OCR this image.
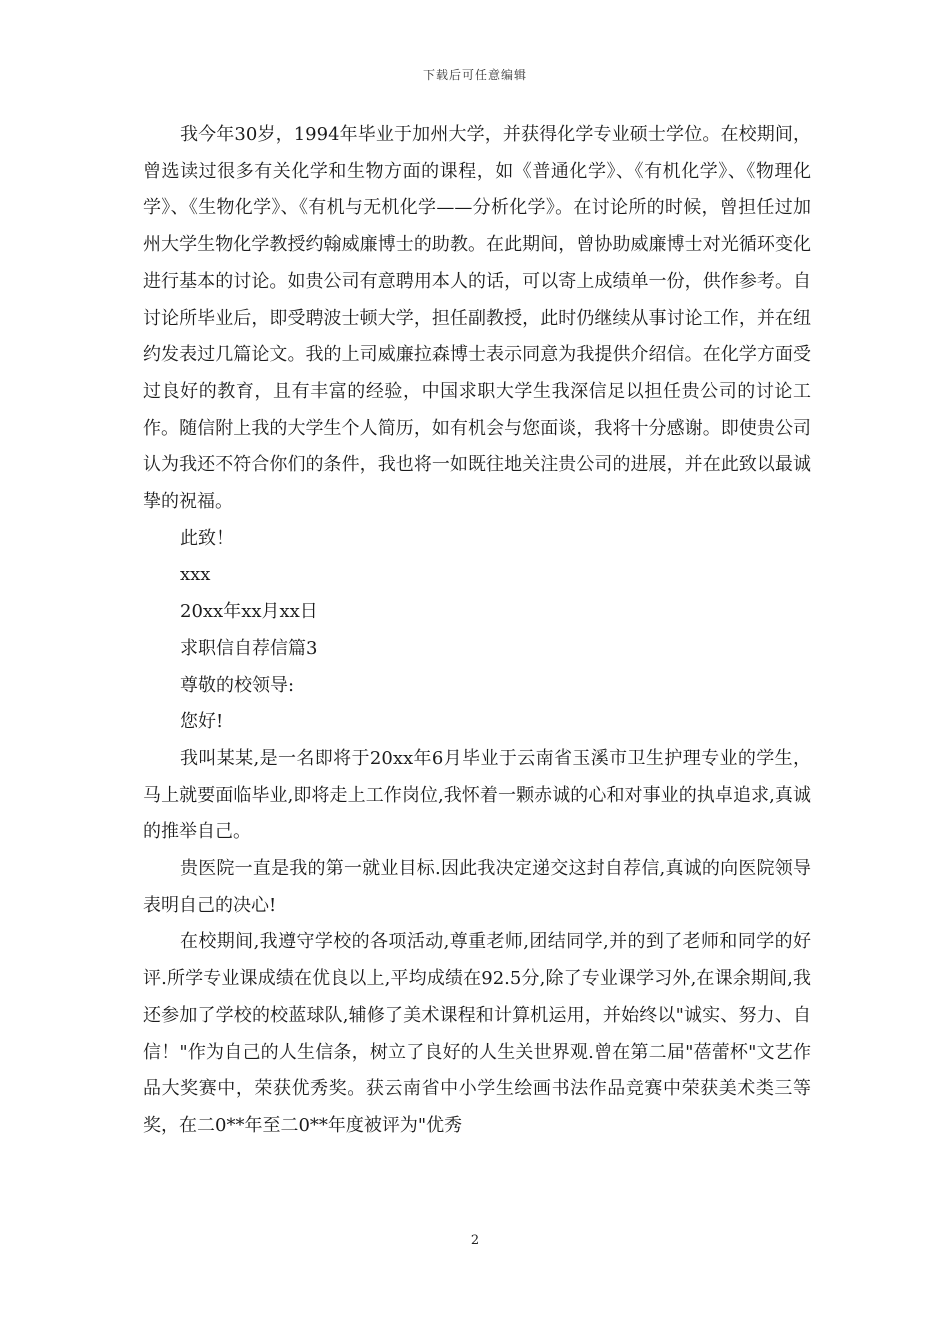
下载后可任意编辑

我今年30岁，1994年毕业于加州大学，并获得化学专业硕士学位。在校期间，曾选读过很多有关化学和生物方面的课程，如《普通化学》、《有机化学》、《物理化学》、《生物化学》、《有机与无机化学——分析化学》。在讨论所的时候，曾担任过加州大学生物化学教授约翰威廉博士的助教。在此期间，曾协助威廉博士对光循环变化进行基本的讨论。如贵公司有意聘用本人的话，可以寄上成绩单一份，供作参考。自讨论所毕业后，即受聘波士顿大学，担任副教授，此时仍继续从事讨论工作，并在纽约发表过几篇论文。我的上司威廉拉森博士表示同意为我提供介绍信。在化学方面受过良好的教育，且有丰富的经验，中国求职大学生我深信足以担任贵公司的讨论工作。随信附上我的大学生个人简历，如有机会与您面谈，我将十分感谢。即使贵公司认为我还不符合你们的条件，我也将一如既往地关注贵公司的进展，并在此致以最诚挚的祝福。

此致！

xxx

20xx年xx月xx日

求职信自荐信篇3

尊敬的校领导:

您好!

我叫某某,是一名即将于20xx年6月毕业于云南省玉溪市卫生护理专业的学生，马上就要面临毕业,即将走上工作岗位,我怀着一颗赤诚的心和对事业的执卓追求,真诚的推举自己。

贵医院一直是我的第一就业目标.因此我决定递交这封自荐信,真诚的向医院领导表明自己的决心!

在校期间,我遵守学校的各项活动,尊重老师,团结同学,并的到了老师和同学的好评.所学专业课成绩在优良以上,平均成绩在92.5分,除了专业课学习外,在课余期间,我还参加了学校的校蓝球队,辅修了美术课程和计算机运用，并始终以"诚实、努力、自信！"作为自己的人生信条，树立了良好的人生关世界观.曾在第二届"蓓蕾杯"文艺作品大奖赛中，荣获优秀奖。获云南省中小学生绘画书法作品竞赛中荣获美术类三等奖，在二0**年至二0**年度被评为"优秀

2
